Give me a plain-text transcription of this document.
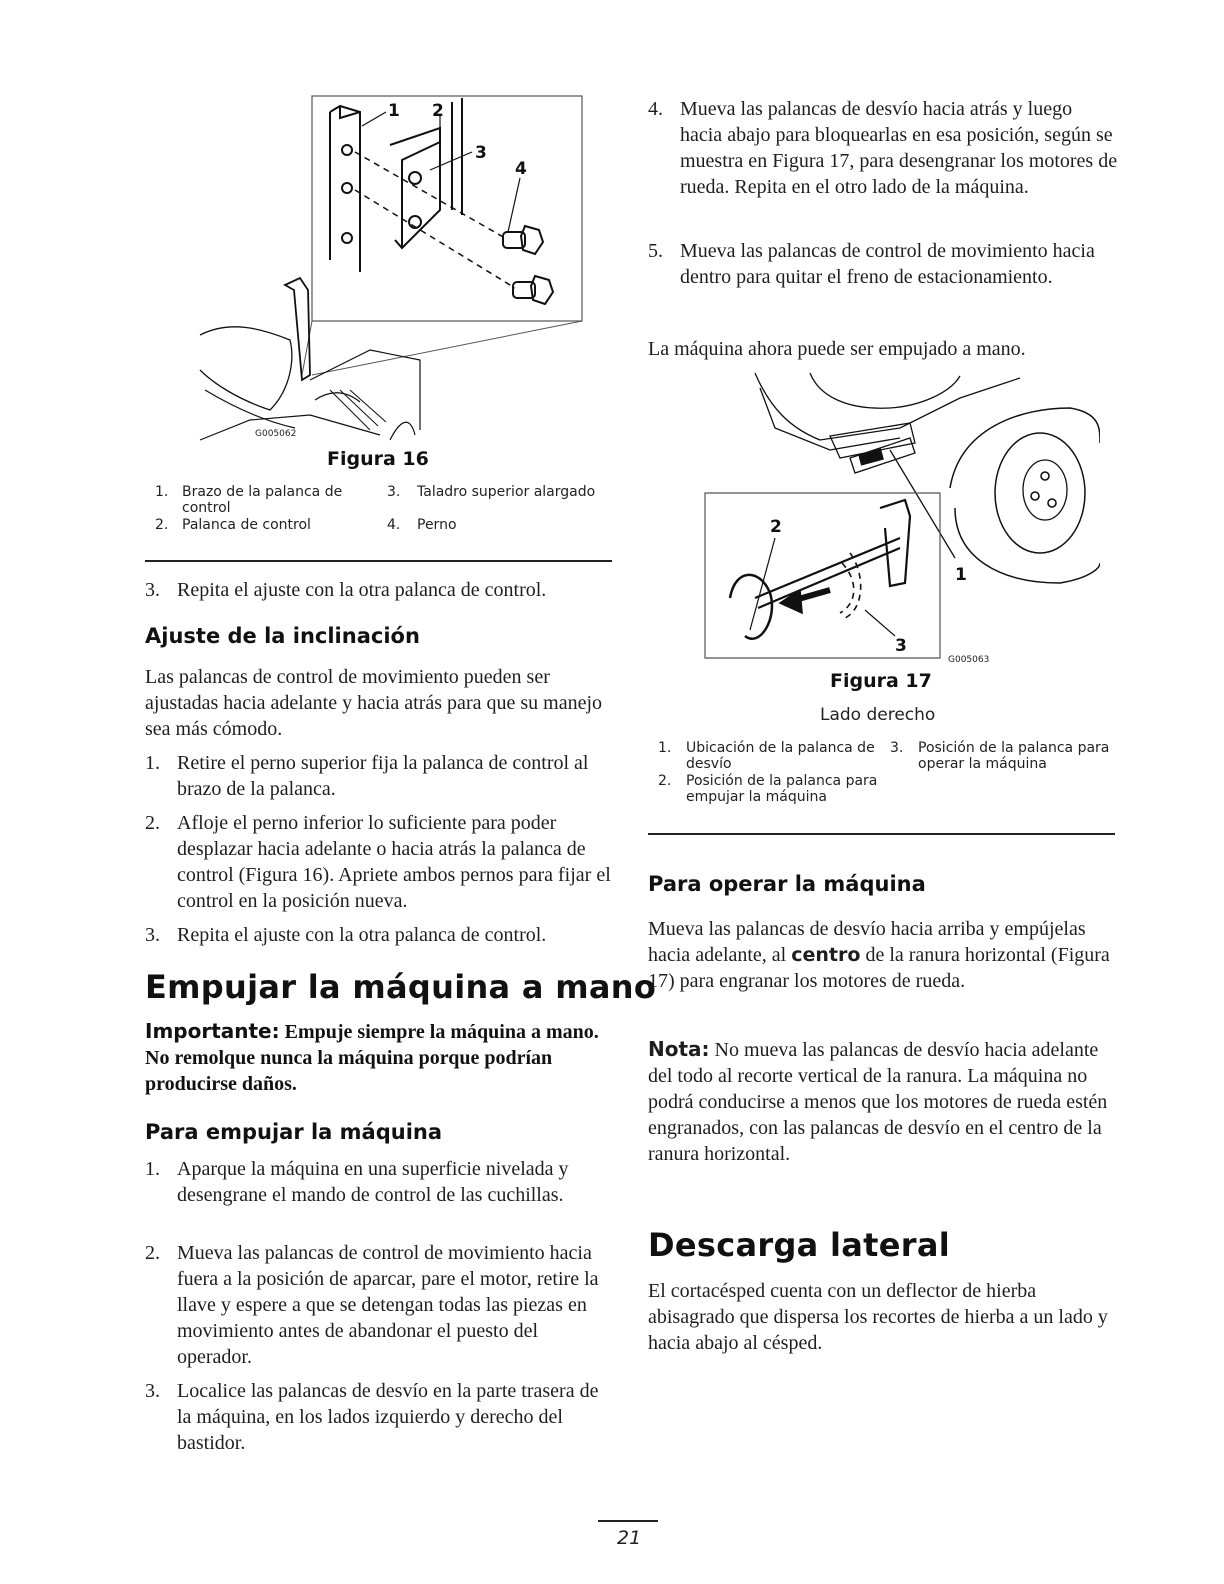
1 2
3
4
G005062
Figura 16
1. Brazo de la palanca de control
3. Taladro superior alargado
2. Palanca de control	4. Perno
3. Repita el ajuste con la otra palanca de control.
Ajuste de la inclinación
Las palancas de control de movimiento pueden ser ajustadas hacia adelante y hacia atrás para que su manejo sea más cómodo.
1. Retire el perno superior fija la palanca de control al brazo de la palanca.
2. Afloje el perno inferior lo suficiente para poder desplazar hacia adelante o hacia atrás la palanca de control (Figura 16). Apriete ambos pernos para fijar el control en la posición nueva.
3. Repita el ajuste con la otra palanca de control.
Empujar la máquina a mano
Importante: Empuje siempre la máquina a mano. No remolque nunca la máquina porque podrían producirse daños.
Para empujar la máquina
1. Aparque la máquina en una superficie nivelada y desengrane el mando de control de las cuchillas.
2. Mueva las palancas de control de movimiento hacia fuera a la posición de aparcar, pare el motor, retire la llave y espere a que se detengan todas las piezas en movimiento antes de abandonar el puesto del operador.
3. Localice las palancas de desvío en la parte trasera de la máquina, en los lados izquierdo y derecho del bastidor.
4. Mueva las palancas de desvío hacia atrás y luego hacia abajo para bloquearlas en esa posición, según se muestra en Figura 17, para desengranar los motores de rueda. Repita en el otro lado de la máquina.
5. Mueva las palancas de control de movimiento hacia dentro para quitar el freno de estacionamiento.
La máquina ahora puede ser empujado a mano.
2
1
3
G005063
Figura 17
Lado derecho
1. Ubicación de la palanca de desvío
3. Posición de la palanca para operar la máquina
2. Posición de la palanca para empujar la máquina
Para operar la máquina
Mueva las palancas de desvío hacia arriba y empújelas hacia adelante, al centro de la ranura horizontal (Figura 17) para engranar los motores de rueda.
Nota: No mueva las palancas de desvío hacia adelante del todo al recorte vertical de la ranura. La máquina no podrá conducirse a menos que los motores de rueda estén engranados, con las palancas de desvío en el centro de la ranura horizontal.
Descarga lateral
El cortacésped cuenta con un deflector de hierba abisagrado que dispersa los recortes de hierba a un lado y hacia abajo al césped.
21
